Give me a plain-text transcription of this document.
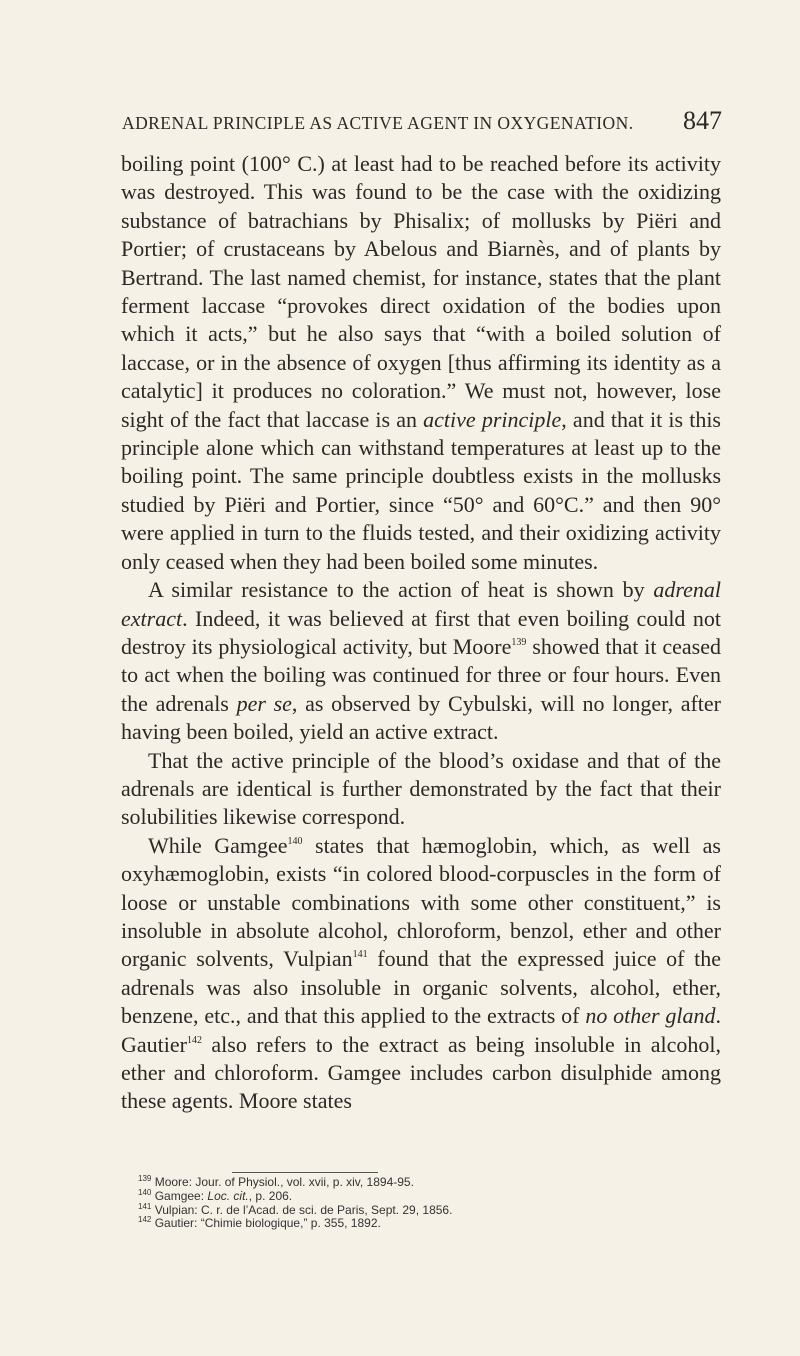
ADRENAL PRINCIPLE AS ACTIVE AGENT IN OXYGENATION. 847

boiling point (100° C.) at least had to be reached before its activity was destroyed. This was found to be the case with the oxidizing substance of batrachians by Phisalix; of mollusks by Piëri and Portier; of crustaceans by Abelous and Biarnès, and of plants by Bertrand. The last named chemist, for instance, states that the plant ferment laccase “provokes direct oxidation of the bodies upon which it acts,” but he also says that “with a boiled solution of laccase, or in the absence of oxygen [thus affirming its identity as a catalytic] it produces no coloration.” We must not, however, lose sight of the fact that laccase is an active principle, and that it is this principle alone which can withstand temperatures at least up to the boiling point. The same principle doubtless exists in the mollusks studied by Piëri and Portier, since “50° and 60°C.” and then 90° were applied in turn to the fluids tested, and their oxidizing activity only ceased when they had been boiled some minutes.

A similar resistance to the action of heat is shown by adrenal extract. Indeed, it was believed at first that even boiling could not destroy its physiological activity, but Moore$^{139}$ showed that it ceased to act when the boiling was continued for three or four hours. Even the adrenals per se, as observed by Cybulski, will no longer, after having been boiled, yield an active extract.

That the active principle of the blood’s oxidase and that of the adrenals are identical is further demonstrated by the fact that their solubilities likewise correspond.

While Gamgee$^{140}$ states that hæmoglobin, which, as well as oxyhæmoglobin, exists “in colored blood-corpuscles in the form of loose or unstable combinations with some other constituent,” is insoluble in absolute alcohol, chloroform, benzol, ether and other organic solvents, Vulpian$^{141}$ found that the expressed juice of the adrenals was also insoluble in organic solvents, alcohol, ether, benzene, etc., and that this applied to the extracts of no other gland. Gautier$^{142}$ also refers to the extract as being insoluble in alcohol, ether and chloroform. Gamgee includes carbon disulphide among these agents. Moore states

$^{139}$ Moore: Jour. of Physiol., vol. xvii, p. xiv, 1894-95.
$^{140}$ Gamgee: Loc. cit., p. 206.
$^{141}$ Vulpian: C. r. de l’Acad. de sci. de Paris, Sept. 29, 1856.
$^{142}$ Gautier: “Chimie biologique,” p. 355, 1892.
